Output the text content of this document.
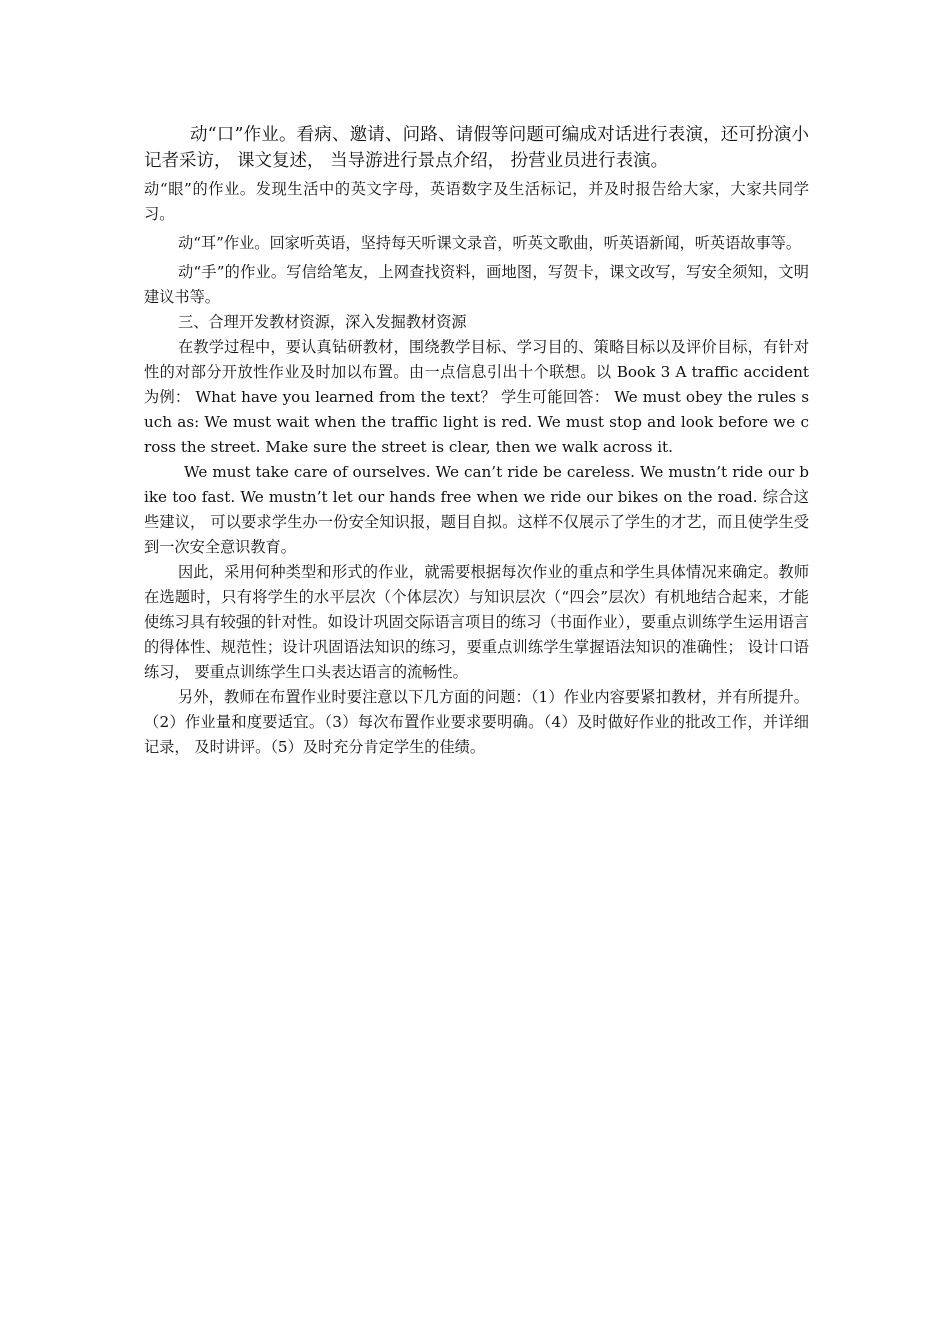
动“口”作业。看病、邀请、问路、请假等问题可编成对话进行表演，还可扮演小记者采访， 课文复述， 当导游进行景点介绍， 扮营业员进行表演。

动“眼”的作业。发现生活中的英文字母，英语数字及生活标记，并及时报告给大家，大家共同学习。

动“耳”作业。回家听英语，坚持每天听课文录音，听英文歌曲，听英语新闻，听英语故事等。

动“手”的作业。写信给笔友，上网查找资料，画地图，写贺卡，课文改写，写安全须知，文明建议书等。

三、合理开发教材资源，深入发掘教材资源

在教学过程中，要认真钻研教材，围绕教学目标、学习目的、策略目标以及评价目标，有针对性的对部分开放性作业及时加以布置。由一点信息引出十个联想。以 Book 3 A traffic accident 为例： What have you learned from the text？ 学生可能回答： We must obey the rules such as: We must wait when the traffic light is red. We must stop and look before we cross the street. Make sure the street is clear, then we walk across it.

We must take care of ourselves. We can’t ride be careless. We mustn’t ride our bike too fast. We mustn’t let our hands free when we ride our bikes on the road. 综合这些建议， 可以要求学生办一份安全知识报，题目自拟。这样不仅展示了学生的才艺，而且使学生受到一次安全意识教育。

因此，采用何种类型和形式的作业，就需要根据每次作业的重点和学生具体情况来确定。教师在选题时，只有将学生的水平层次（个体层次）与知识层次（“四会”层次）有机地结合起来，才能使练习具有较强的针对性。如设计巩固交际语言项目的练习（书面作业），要重点训练学生运用语言的得体性、规范性；设计巩固语法知识的练习，要重点训练学生掌握语法知识的准确性； 设计口语练习， 要重点训练学生口头表达语言的流畅性。

另外，教师在布置作业时要注意以下几方面的问题：（1）作业内容要紧扣教材，并有所提升。（2）作业量和度要适宜。（3）每次布置作业要求要明确。（4）及时做好作业的批改工作，并详细记录， 及时讲评。（5）及时充分肯定学生的佳绩。
